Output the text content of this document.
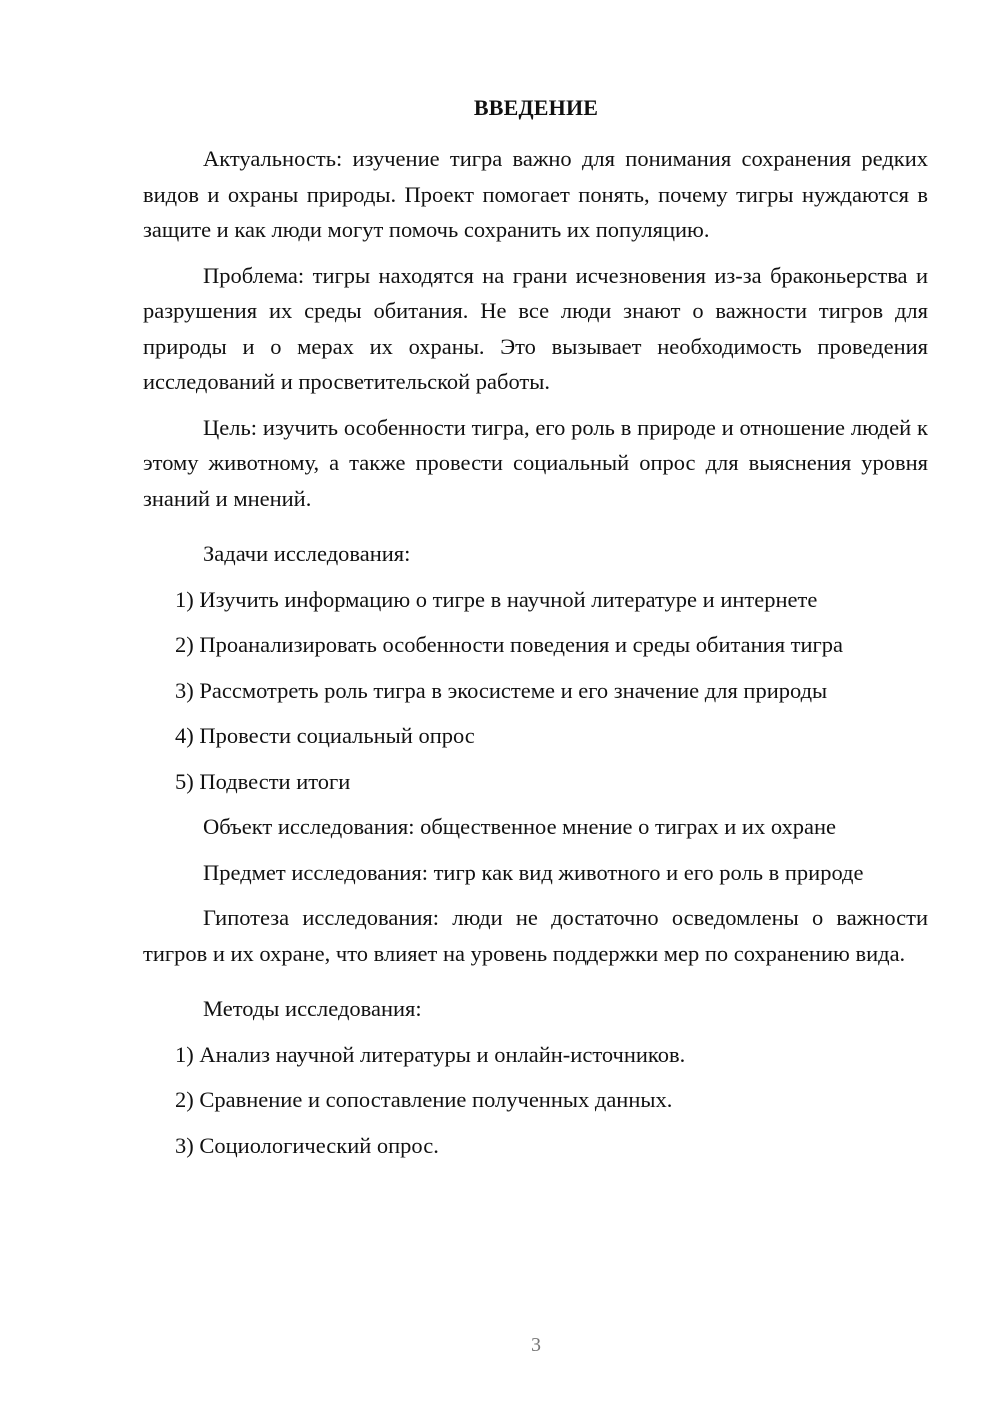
ВВЕДЕНИЕ

Актуальность: изучение тигра важно для понимания сохранения редких видов и охраны природы. Проект помогает понять, почему тигры нуждаются в защите и как люди могут помочь сохранить их популяцию.

Проблема: тигры находятся на грани исчезновения из-за браконьерства и разрушения их среды обитания. Не все люди знают о важности тигров для природы и о мерах их охраны. Это вызывает необходимость проведения исследований и просветительской работы.

Цель: изучить особенности тигра, его роль в природе и отношение людей к этому животному, а также провести социальный опрос для выяснения уровня знаний и мнений.

Задачи исследования:

1) Изучить информацию о тигре в научной литературе и интернете

2) Проанализировать особенности поведения и среды обитания тигра

3) Рассмотреть роль тигра в экосистеме и его значение для природы

4) Провести социальный опрос

5) Подвести итоги

Объект исследования: общественное мнение о тиграх и их охране

Предмет исследования: тигр как вид животного и его роль в природе

Гипотеза исследования: люди не достаточно осведомлены о важности тигров и их охране, что влияет на уровень поддержки мер по сохранению вида.

Методы исследования:

1) Анализ научной литературы и онлайн-источников.

2) Сравнение и сопоставление полученных данных.

3) Социологический опрос.

3
